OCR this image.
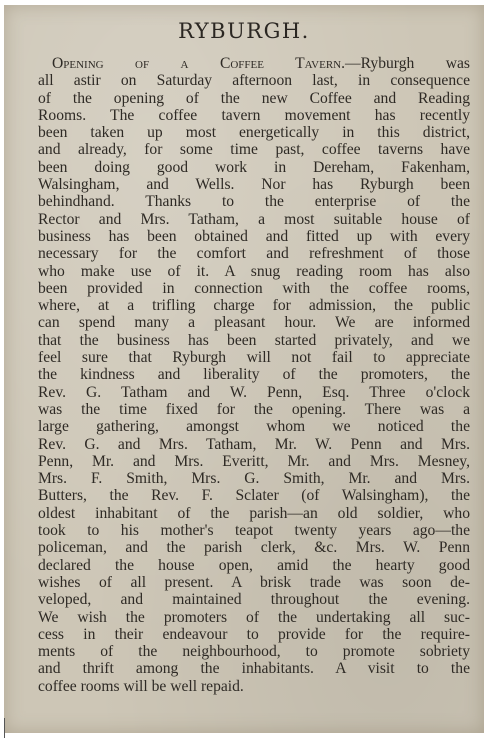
RYBURGH.
Opening of a Coffee Tavern.—Ryburgh was
all astir on Saturday afternoon last, in consequence
of the opening of the new Coffee and Reading
Rooms. The coffee tavern movement has recently
been taken up most energetically in this district,
and already, for some time past, coffee taverns have
been doing good work in Dereham, Fakenham,
Walsingham, and Wells. Nor has Ryburgh been
behindhand. Thanks to the enterprise of the
Rector and Mrs. Tatham, a most suitable house of
business has been obtained and fitted up with every
necessary for the comfort and refreshment of those
who make use of it. A snug reading room has also
been provided in connection with the coffee rooms,
where, at a trifling charge for admission, the public
can spend many a pleasant hour. We are informed
that the business has been started privately, and we
feel sure that Ryburgh will not fail to appreciate
the kindness and liberality of the promoters, the
Rev. G. Tatham and W. Penn, Esq. Three o'clock
was the time fixed for the opening. There was a
large gathering, amongst whom we noticed the
Rev. G. and Mrs. Tatham, Mr. W. Penn and Mrs.
Penn, Mr. and Mrs. Everitt, Mr. and Mrs. Mesney,
Mrs. F. Smith, Mrs. G. Smith, Mr. and Mrs.
Butters, the Rev. F. Sclater (of Walsingham), the
oldest inhabitant of the parish—an old soldier, who
took to his mother's teapot twenty years ago—the
policeman, and the parish clerk, &c. Mrs. W. Penn
declared the house open, amid the hearty good
wishes of all present. A brisk trade was soon de-
veloped, and maintained throughout the evening.
We wish the promoters of the undertaking all suc-
cess in their endeavour to provide for the require-
ments of the neighbourhood, to promote sobriety
and thrift among the inhabitants. A visit to the
coffee rooms will be well repaid.
